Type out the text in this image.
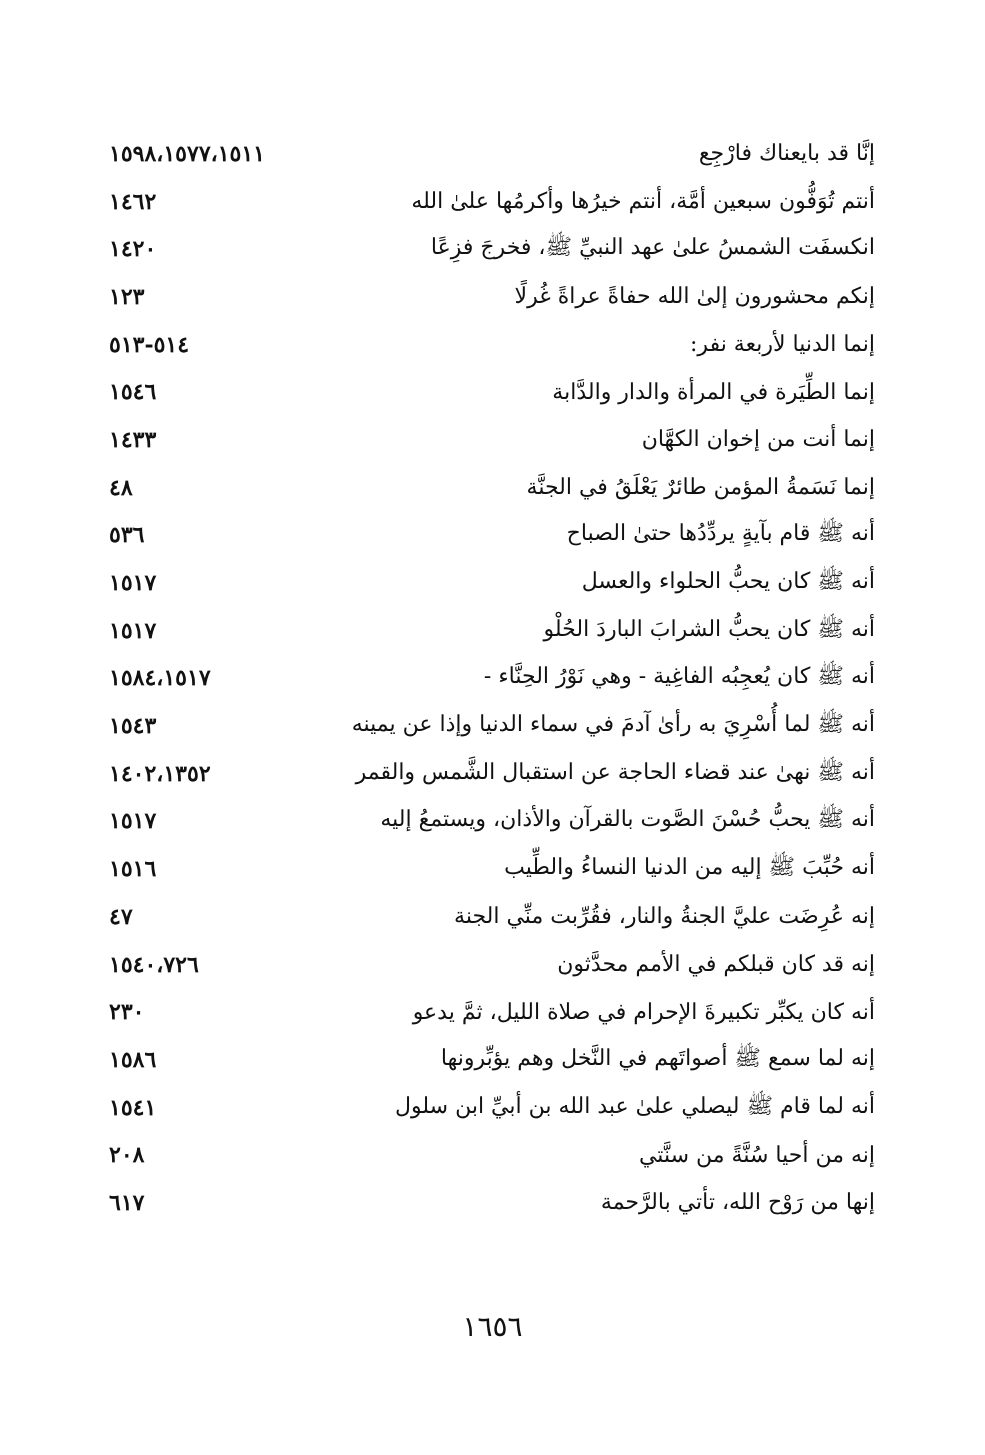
إنَّا قد بايعناك فارْجِع
١٥٩٨،١٥٧٧،١٥١١
أنتم تُوَفُّون سبعين أمَّة، أنتم خيرُها وأكرمُها علىٰ الله
١٤٦٢
انكسفَت الشمسُ علىٰ عهد النبيِّ ﷺ، فخرجَ فزِعًا
١٤٢٠
إنكم محشورون إلىٰ الله حفاةً عراةً غُرلًا
١٢٣
إنما الدنيا لأربعة نفر:
٥١٤-٥١٣
إنما الطِّيَرة في المرأة والدار والدَّابة
١٥٤٦
إنما أنت من إخوان الكهَّان
١٤٣٣
إنما نَسَمةُ المؤمن طائرٌ يَعْلَقُ في الجنَّة
٤٨
أنه ﷺ قام بآيةٍ يردِّدُها حتىٰ الصباح
٥٣٦
أنه ﷺ كان يحبُّ الحلواء والعسل
١٥١٧
أنه ﷺ كان يحبُّ الشرابَ الباردَ الحُلْو
١٥١٧
أنه ﷺ كان يُعجِبُه الفاغِية - وهي نَوْرُ الحِنَّاء -
١٥٨٤،١٥١٧
أنه ﷺ لما أُسْرِيَ به رأىٰ آدمَ في سماء الدنيا وإذا عن يمينه
١٥٤٣
أنه ﷺ نهىٰ عند قضاء الحاجة عن استقبال الشَّمس والقمر
١٤٠٢،١٣٥٢
أنه ﷺ يحبُّ حُسْنَ الصَّوت بالقرآن والأذان، ويستمعُ إليه
١٥١٧
أنه حُبِّبَ ﷺ إليه من الدنيا النساءُ والطِّيب
١٥١٦
إنه عُرِضَت عليَّ الجنةُ والنار، فقُرِّبت منِّي الجنة
٤٧
إنه قد كان قبلكم في الأمم محدَّثون
١٥٤٠،٧٢٦
أنه كان يكبِّر تكبيرةَ الإحرام في صلاة الليل، ثمَّ يدعو
٢٣٠
إنه لما سمع ﷺ أصواتَهم في النَّخل وهم يؤبِّرونها
١٥٨٦
أنه لما قام ﷺ ليصلي علىٰ عبد الله بن أبيِّ ابن سلول
١٥٤١
إنه من أحيا سُنَّةً من سنَّتي
٢٠٨
إنها من رَوْح الله، تأتي بالرَّحمة
٦١٧
١٦٥٦
